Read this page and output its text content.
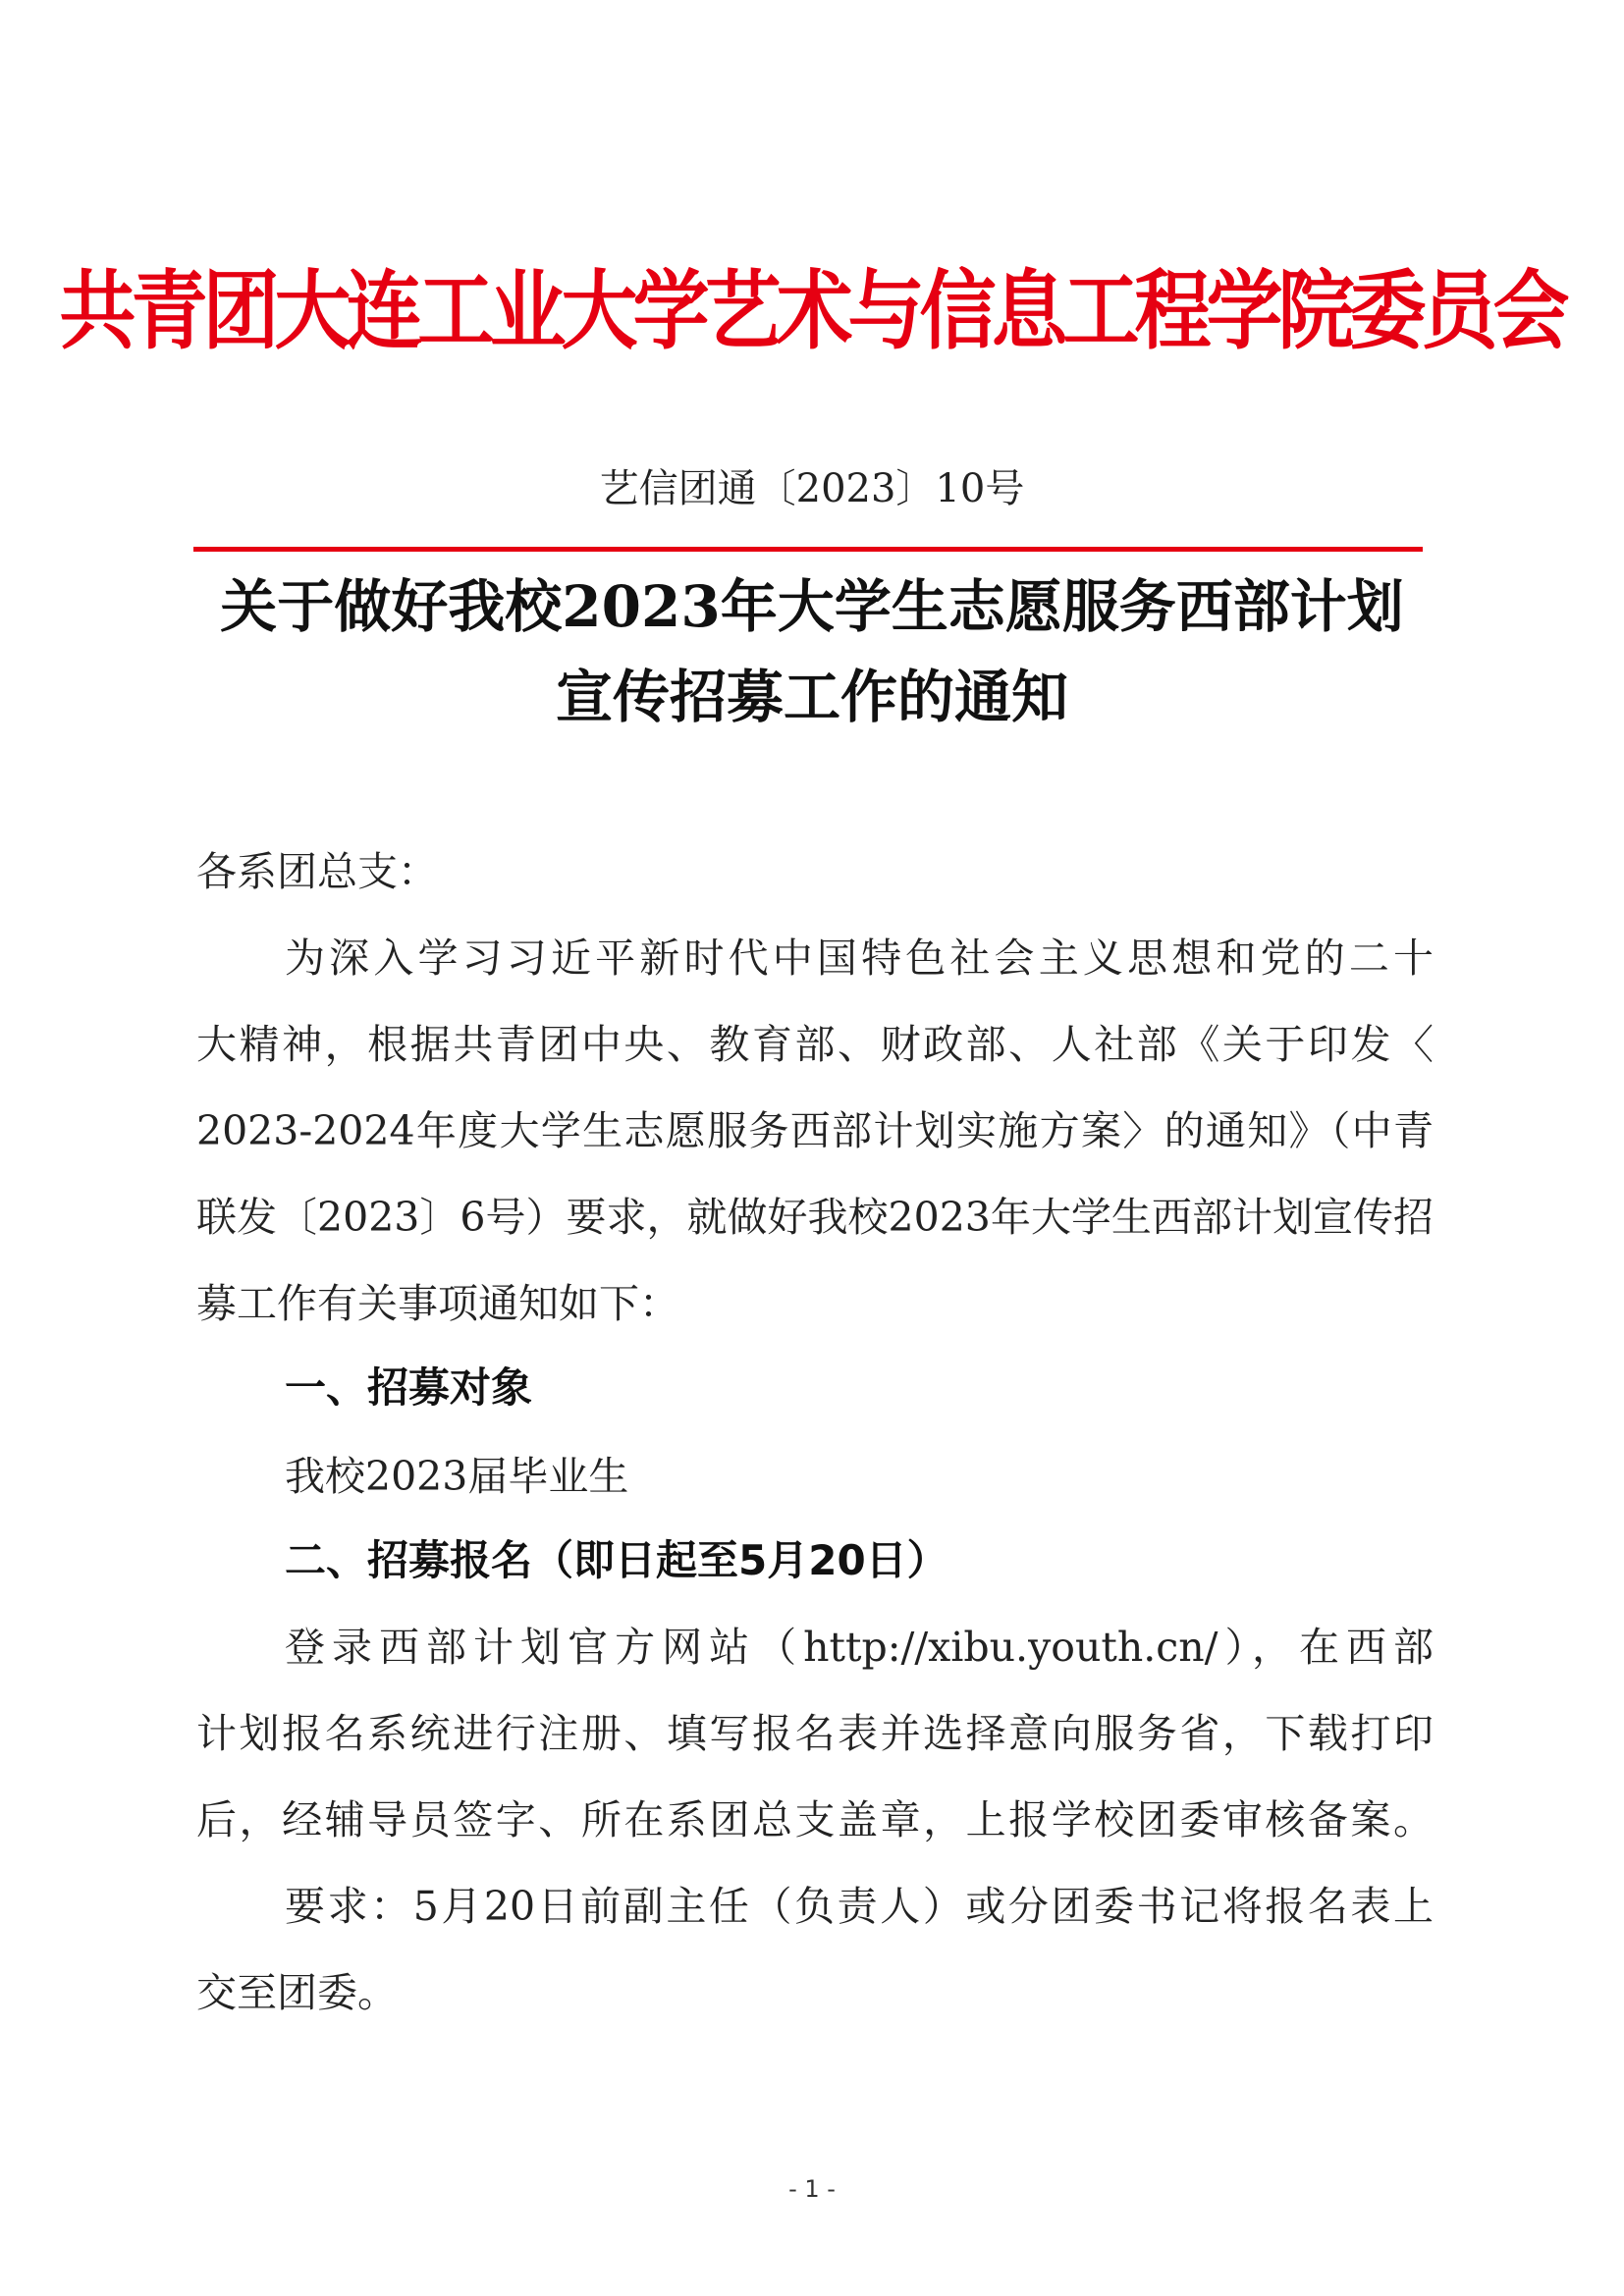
共青团大连工业大学艺术与信息工程学院委员会
艺信团通〔2023〕10号
关于做好我校2023年大学生志愿服务西部计划
宣传招募工作的通知
各系团总支：
为深入学习习近平新时代中国特色社会主义思想和党的二十
大精神，根据共青团中央、教育部、财政部、人社部《关于印发〈
2023-2024年度大学生志愿服务西部计划实施方案〉的通知》（中青
联发〔2023〕6号）要求，就做好我校2023年大学生西部计划宣传招
募工作有关事项通知如下：
一、招募对象
我校2023届毕业生
二、招募报名（即日起至5月20日）
登录西部计划官方网站（http://xibu.youth.cn/），在西部
计划报名系统进行注册、填写报名表并选择意向服务省，下载打印
后，经辅导员签字、所在系团总支盖章，上报学校团委审核备案。
要求：5月20日前副主任（负责人）或分团委书记将报名表上
交至团委。
- 1 -
